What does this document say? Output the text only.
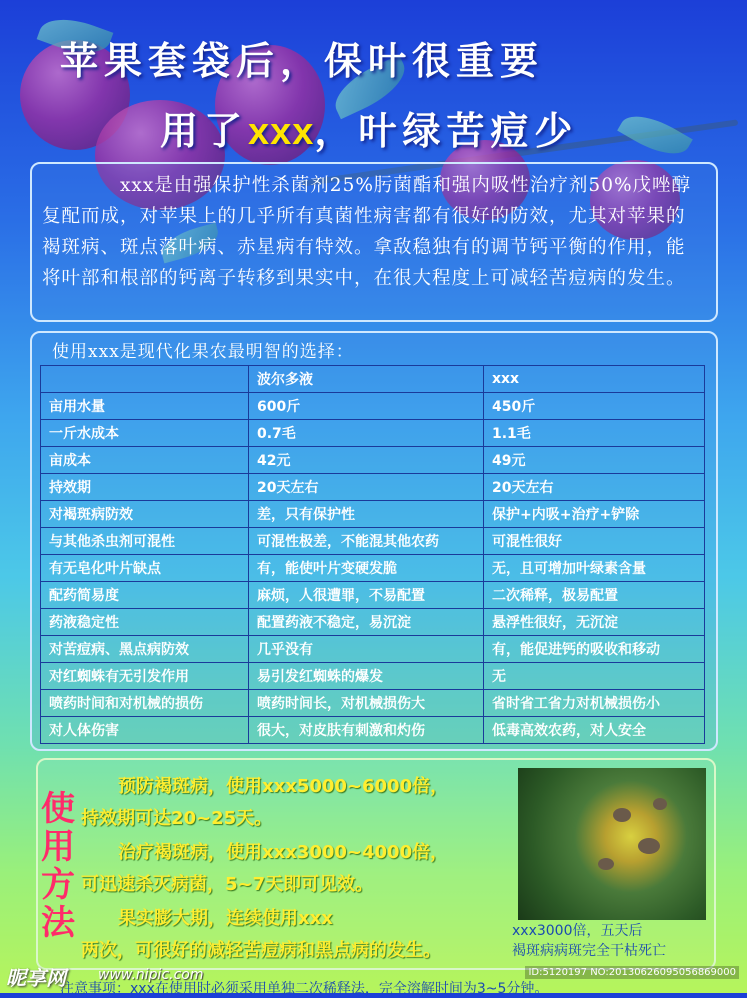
苹果套袋后，保叶很重要
用了xxx，叶绿苦痘少

xxx是由强保护性杀菌剂25%肟菌酯和强内吸性治疗剂50%戊唑醇复配而成，对苹果上的几乎所有真菌性病害都有很好的防效，尤其对苹果的褐斑病、斑点落叶病、赤星病有特效。拿敌稳独有的调节钙平衡的作用，能将叶部和根部的钙离子转移到果实中，在很大程度上可减轻苦痘病的发生。

使用xxx是现代化果农最明智的选择：
	波尔多液	xxx
亩用水量	600斤	450斤
一斤水成本	0.7毛	1.1毛
亩成本	42元	49元
持效期	20天左右	20天左右
对褐斑病防效	差，只有保护性	保护+内吸+治疗+铲除
与其他杀虫剂可混性	可混性极差，不能混其他农药	可混性很好
有无皂化叶片缺点	有，能使叶片变硬发脆	无，且可增加叶绿素含量
配药简易度	麻烦，人很遭罪，不易配置	二次稀释，极易配置
药液稳定性	配置药液不稳定，易沉淀	悬浮性很好，无沉淀
对苦痘病、黑点病防效	几乎没有	有，能促进钙的吸收和移动
对红蜘蛛有无引发作用	易引发红蜘蛛的爆发	无
喷药时间和对机械的损伤	喷药时间长，对机械损伤大	省时省工省力对机械损伤小
对人体伤害	很大，对皮肤有刺激和灼伤	低毒高效农药，对人安全
使
用
方
法
预防褐斑病，使用xxx5000~6000倍，
持效期可达20~25天。
治疗褐斑病，使用xxx3000~4000倍，
可迅速杀灭病菌，5~7天即可见效。
果实膨大期，连续使用xxx
两次，可很好的减轻苦痘病和黑点病的发生。
xxx3000倍，五天后
褐斑病病斑完全干枯死亡
注意事项：xxx在使用时必须采用单独二次稀释法，完全溶解时间为3~5分钟。
昵享网 www.nipic.com	ID:5120197 NO:20130626095056869000
